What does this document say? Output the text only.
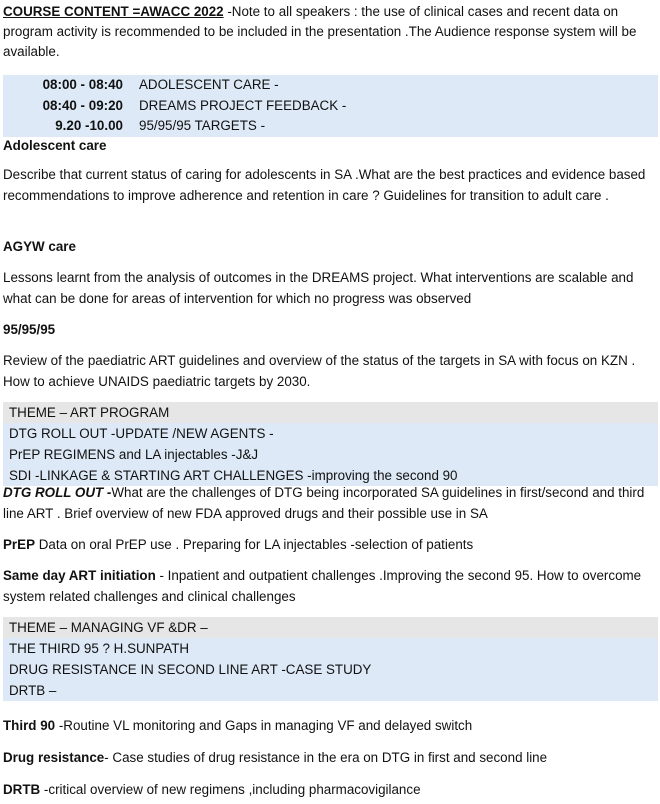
COURSE CONTENT =AWACC 2022 -Note to all speakers : the use of clinical cases and recent data on program activity is recommended to be included in the presentation .The Audience response system will be available.

08:00 - 08:40	ADOLESCENT CARE -
08:40 - 09:20	DREAMS PROJECT FEEDBACK -
9.20 -10.00	95/95/95 TARGETS -

Adolescent care

Describe that current status of caring for adolescents in SA .What are the best practices and evidence based recommendations to improve adherence and retention in care ? Guidelines for transition to adult care .

AGYW care

Lessons learnt from the analysis of outcomes in the DREAMS project. What interventions are scalable and what can be done for areas of intervention for which no progress was observed

95/95/95

Review of the paediatric ART guidelines and overview of the status of the targets in SA with focus on KZN . How to achieve UNAIDS paediatric targets by 2030.

THEME – ART PROGRAM
DTG ROLL OUT -UPDATE /NEW AGENTS -
PrEP REGIMENS and LA injectables -J&J
SDI -LINKAGE & STARTING ART CHALLENGES -improving the second 90

DTG ROLL OUT -What are the challenges of DTG being incorporated SA guidelines in first/second and third line ART . Brief overview of new FDA approved drugs and their possible use in SA

PrEP Data on oral PrEP use . Preparing for LA injectables -selection of patients

Same day ART initiation - Inpatient and outpatient challenges .Improving the second 95. How to overcome system related challenges and clinical challenges

THEME – MANAGING VF &DR –
THE THIRD 95 ? H.SUNPATH
DRUG RESISTANCE IN SECOND LINE ART -CASE STUDY
DRTB –

Third 90 -Routine VL monitoring and Gaps in managing VF and delayed switch

Drug resistance- Case studies of drug resistance in the era on DTG in first and second line

DRTB -critical overview of new regimens ,including pharmacovigilance
